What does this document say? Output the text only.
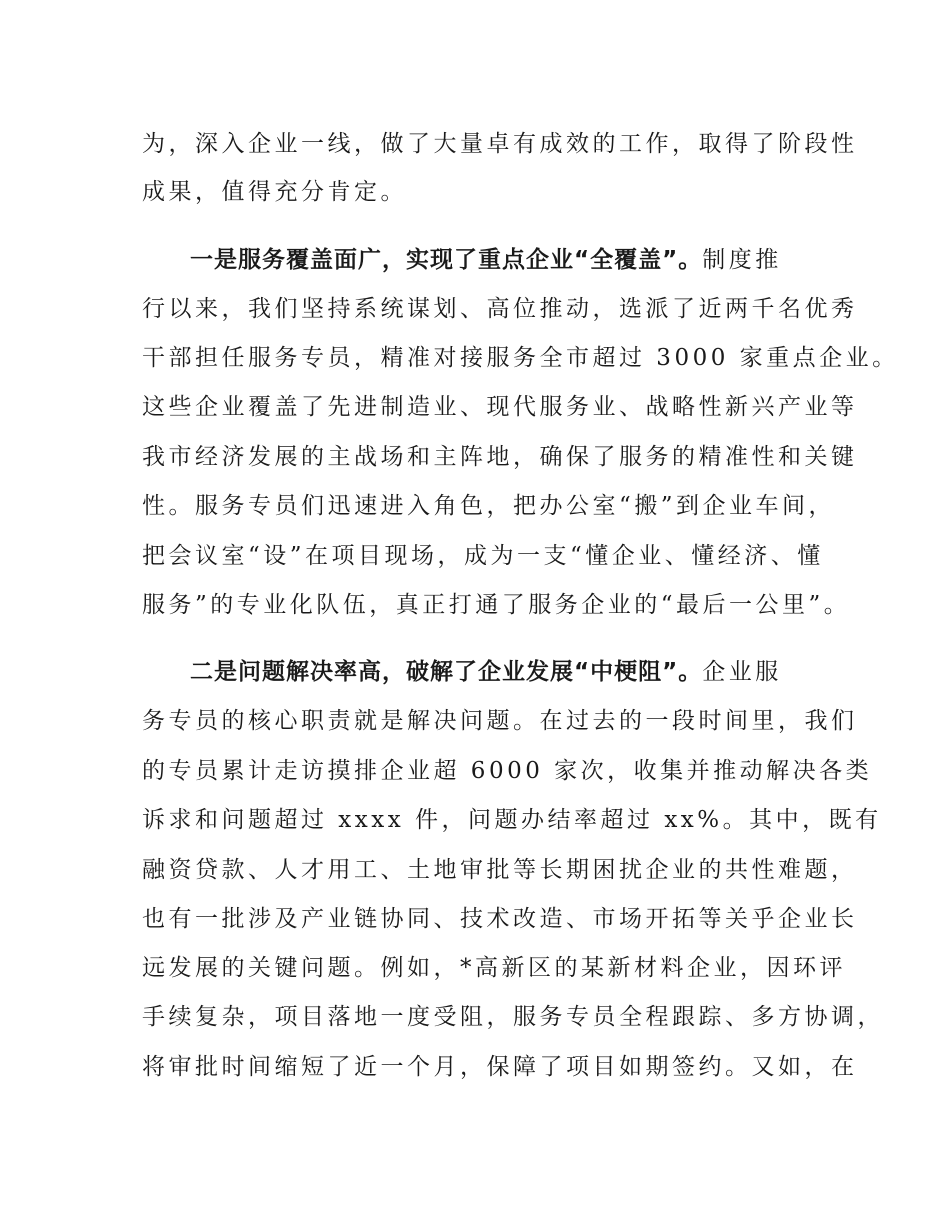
为，深入企业一线，做了大量卓有成效的工作，取得了阶段性
成果，值得充分肯定。
一是服务覆盖面广，实现了重点企业“全覆盖”。制度推
行以来，我们坚持系统谋划、高位推动，选派了近两千名优秀
干部担任服务专员，精准对接服务全市超过 3000 家重点企业。
这些企业覆盖了先进制造业、现代服务业、战略性新兴产业等
我市经济发展的主战场和主阵地，确保了服务的精准性和关键
性。服务专员们迅速进入角色，把办公室“搬”到企业车间，
把会议室“设”在项目现场，成为一支“懂企业、懂经济、懂
服务”的专业化队伍，真正打通了服务企业的“最后一公里”。
二是问题解决率高，破解了企业发展“中梗阻”。企业服
务专员的核心职责就是解决问题。在过去的一段时间里，我们
的专员累计走访摸排企业超 6000 家次，收集并推动解决各类
诉求和问题超过 xxxx 件，问题办结率超过 xx%。其中，既有
融资贷款、人才用工、土地审批等长期困扰企业的共性难题，
也有一批涉及产业链协同、技术改造、市场开拓等关乎企业长
远发展的关键问题。例如，*高新区的某新材料企业，因环评
手续复杂，项目落地一度受阻，服务专员全程跟踪、多方协调，
将审批时间缩短了近一个月，保障了项目如期签约。又如，在
